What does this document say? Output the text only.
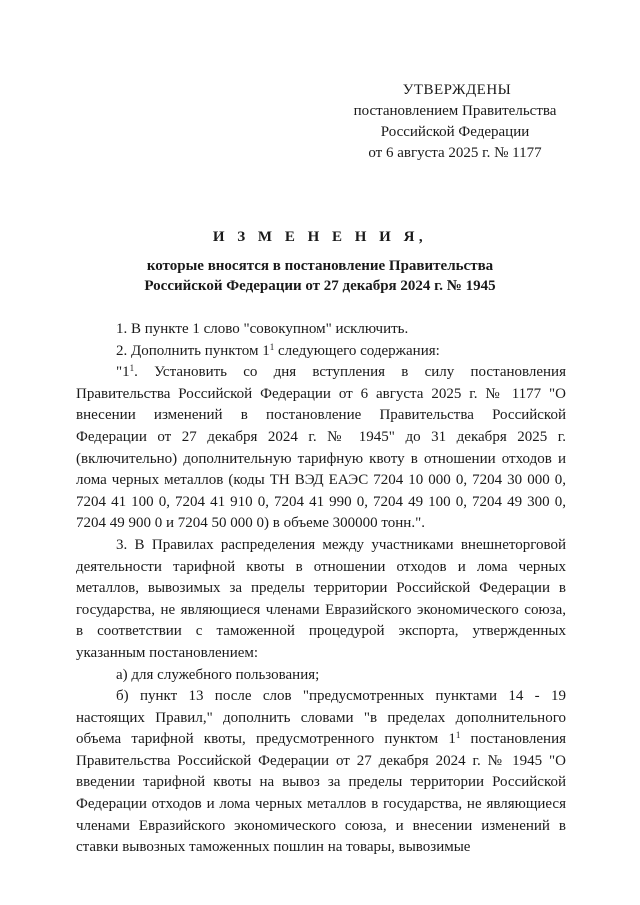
УТВЕРЖДЕНЫ
постановлением Правительства
Российской Федерации
от 6 августа 2025 г. № 1177
И З М Е Н Е Н И Я,
которые вносятся в постановление Правительства
Российской Федерации от 27 декабря 2024 г. № 1945

1. В пункте 1 слово "совокупном" исключить.

2. Дополнить пунктом $1^1$ следующего содержания:

"$1^1$. Установить со дня вступления в силу постановления Правительства Российской Федерации от 6 августа 2025 г. № 1177 "О внесении изменений в постановление Правительства Российской Федерации от 27 декабря 2024 г. № 1945" до 31 декабря 2025 г. (включительно) дополнительную тарифную квоту в отношении отходов и лома черных металлов (коды ТН ВЭД ЕАЭС 7204 10 000 0, 7204 30 000 0, 7204 41 100 0, 7204 41 910 0, 7204 41 990 0, 7204 49 100 0, 7204 49 300 0, 7204 49 900 0 и 7204 50 000 0) в объеме 300000 тонн.".

3. В Правилах распределения между участниками внешнеторговой деятельности тарифной квоты в отношении отходов и лома черных металлов, вывозимых за пределы территории Российской Федерации в государства, не являющиеся членами Евразийского экономического союза, в соответствии с таможенной процедурой экспорта, утвержденных указанным постановлением:

а) для служебного пользования;

б) пункт 13 после слов "предусмотренных пунктами 14 - 19 настоящих Правил," дополнить словами "в пределах дополнительного объема тарифной квоты, предусмотренного пунктом $1^1$ постановления Правительства Российской Федерации от 27 декабря 2024 г. № 1945 "О введении тарифной квоты на вывоз за пределы территории Российской Федерации отходов и лома черных металлов в государства, не являющиеся членами Евразийского экономического союза, и внесении изменений в ставки вывозных таможенных пошлин на товары, вывозимые
